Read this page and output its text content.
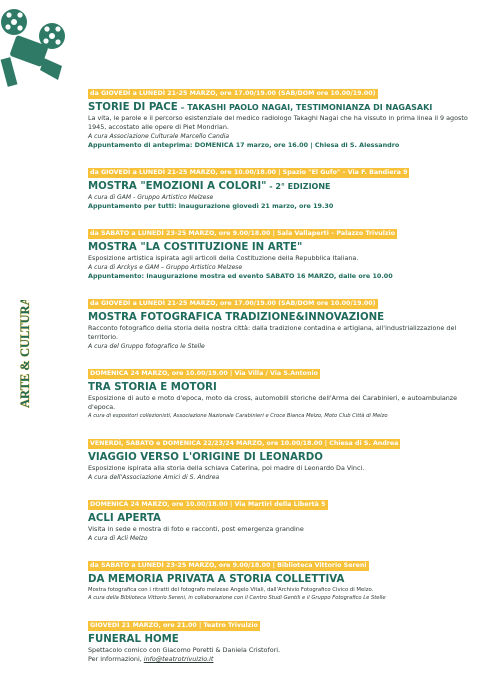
ARTE & CULTURA
da GIOVEDÌ a LUNEDÌ 21-25 MARZO, ore 17.00/19.00 (SAB/DOM ore 10.00/19.00)
STORIE DI PACE – TAKASHI PAOLO NAGAI, TESTIMONIANZA DI NAGASAKI
La vita, le parole e il percorso esistenziale del medico radiologo Takaghi Nagai che ha vissuto in prima linea il 9 agosto 1945, accostato alle opere di Piet Mondrian.
A cura Associazione Culturale Marcello Candia
Appuntamento di anteprima: DOMENICA 17 marzo, ore 16.00 | Chiesa di S. Alessandro
da GIOVEDÌ a LUNEDÌ 21-25 MARZO, ore 10.00/18.00 | Spazio "El Gufo" – Via F. Bandiera 9
MOSTRA "EMOZIONI A COLORI" - 2° EDIZIONE
A cura di GAM - Gruppo Artistico Melzese
Appuntamento per tutti: inaugurazione giovedì 21 marzo, ore 19.30
da SABATO a LUNEDÌ 23-25 MARZO, ore 9.00/18.00 | Sala Vallaperti – Palazzo Trivulzio
MOSTRA "LA COSTITUZIONE IN ARTE"
Esposizione artistica ispirata agli articoli della Costituzione della Repubblica Italiana.
A cura di Arckys e GAM – Gruppo Artistico Melzese
Appuntamento: inaugurazione mostra ed evento SABATO 16 MARZO, dalle ore 10.00
da GIOVEDÌ a LUNEDÌ 21-25 MARZO, ore 17.00/19.00 (SAB/DOM ore 10.00/19.00)
MOSTRA FOTOGRAFICA TRADIZIONE&INNOVAZIONE
Racconto fotografico della storia della nostra città: dalla tradizione contadina e artigiana, all'industrializzazione del territorio.
A cura del Gruppo fotografico le Stelle
DOMENICA 24 MARZO, ore 10.00/19.00 | Via Villa / Via S.Antonio
TRA STORIA E MOTORI
Esposizione di auto e moto d'epoca, moto da cross, automobili storiche dell'Arma dei Carabinieri, e autoambulanze d'epoca.
A cura di espositori collezionisti, Associazione Nazionale Carabinieri e Croce Bianca Melzo, Moto Club Città di Melzo
VENERDÌ, SABATO e DOMENICA 22/23/24 MARZO, ore 10.00/18.00 | Chiesa di S. Andrea
VIAGGIO VERSO L'ORIGINE DI LEONARDO
Esposizione ispirata alla storia della schiava Caterina, poi madre di Leonardo Da Vinci.
A cura dell'Associazione Amici di S. Andrea
DOMENICA 24 MARZO, ore 10.00/18.00 | Via Martiri della Libertà 5
ACLI APERTA
Visita in sede e mostra di foto e racconti, post emergenza grandine
A cura di Acli Melzo
da SABATO a LUNEDÌ 23-25 MARZO, ore 9.00/18.00 | Biblioteca Vittorio Sereni
DA MEMORIA PRIVATA A STORIA COLLETTIVA
Mostra fotografica con i ritratti del fotografo melzese Angelo Vitali, dall'Archivio Fotografico Civico di Melzo.
A cura della Biblioteca Vittorio Sereni, in collaborazione con il Centro Studi Gentili e il Gruppo Fotografico Le Stelle
GIOVEDÌ 21 MARZO, ore 21.00 | Teatro Trivulzio
FUNERAL HOME
Spettacolo comico con Giacomo Poretti & Daniela Cristofori.
Per informazioni, info@teatrotrivulzio.it
